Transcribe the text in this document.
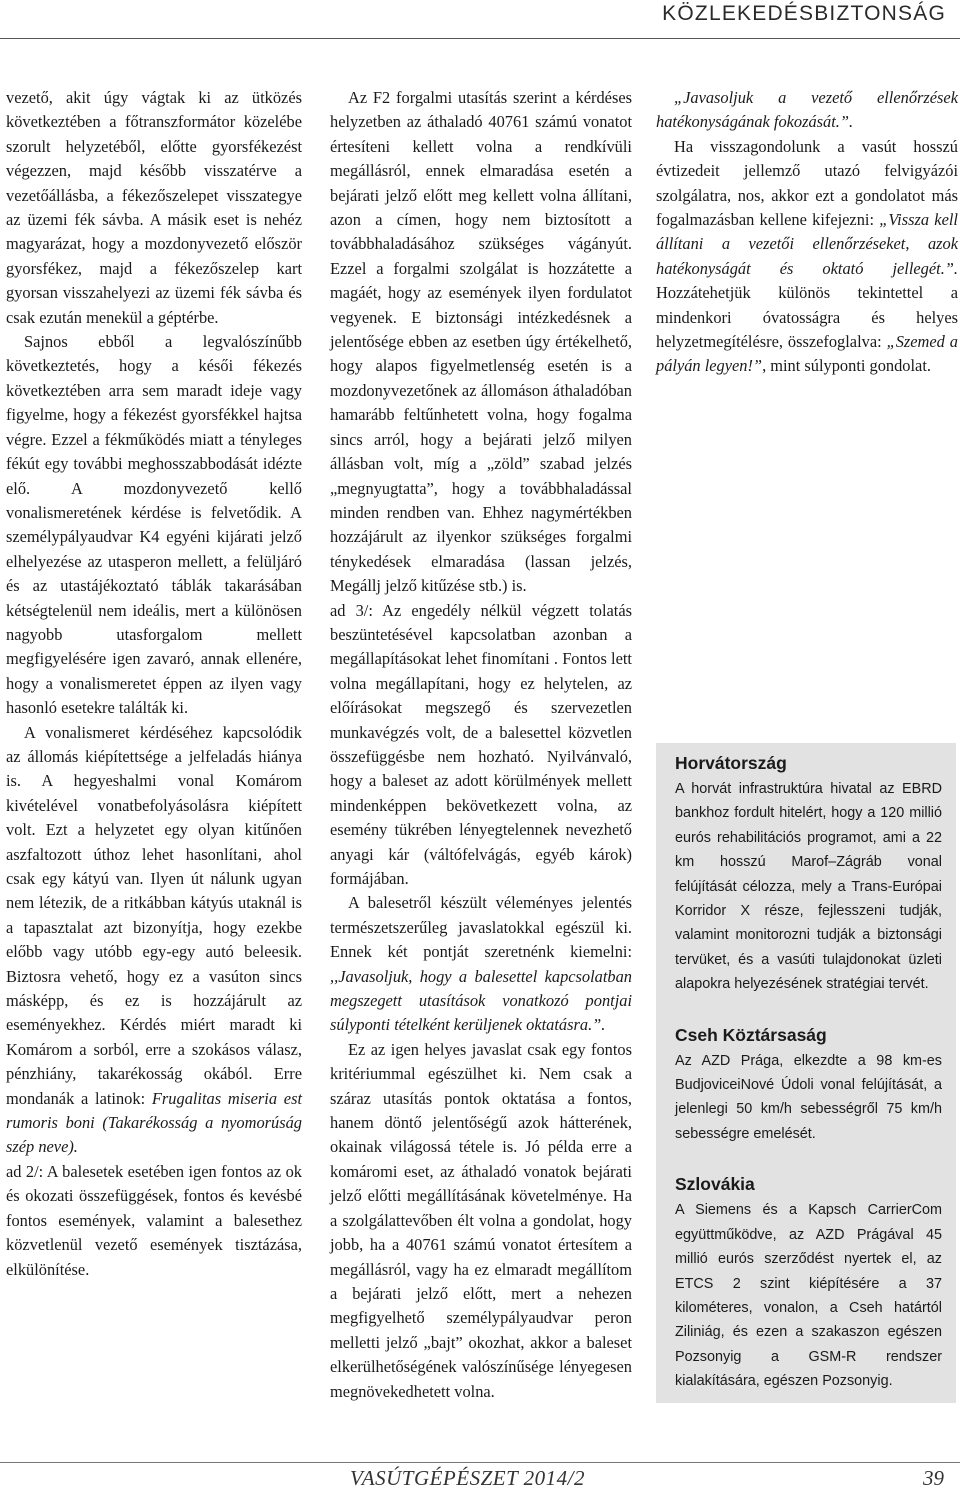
KÖZLEKEDÉSBIZTONSÁG

vezető, akit úgy vágtak ki az ütközés következtében a főtranszformátor közelébe szorult helyzetéből, előtte gyorsfékezést végezzen, majd később visszatérve a vezetőállásba, a fékezőszelepet visszategye az üzemi fék sávba. A másik eset is nehéz magyarázat, hogy a mozdonyvezető először gyorsfékez, majd a fékezőszelep kart gyorsan visszahelyezi az üzemi fék sávba és csak ezután menekül a géptérbe.

Sajnos ebből a legvalószínűbb következtetés, hogy a késői fékezés következtében arra sem maradt ideje vagy figyelme, hogy a fékezést gyorsfékkel hajtsa végre. Ezzel a fékműködés miatt a tényleges fékút egy további meghosszabbodását idézte elő. A mozdonyvezető kellő vonalismeretének kérdése is felvetődik. A személypályaudvar K4 egyéni kijárati jelző elhelyezése az utasperon mellett, a felüljáró és az utastájékoztató táblák takarásában kétségtelenül nem ideális, mert a különösen nagyobb utasforgalom mellett megfigyelésére igen zavaró, annak ellenére, hogy a vonalismeretet éppen az ilyen vagy hasonló esetekre találták ki.

A vonalismeret kérdéséhez kapcsolódik az állomás kiépítettsége a jelfeladás hiánya is. A hegyeshalmi vonal Komárom kivételével vonatbefolyásolásra kiépített volt. Ezt a helyzetet egy olyan kitűnően aszfaltozott úthoz lehet hasonlítani, ahol csak egy kátyú van. Ilyen út nálunk ugyan nem létezik, de a ritkábban kátyús utaknál is a tapasztalat azt bizonyítja, hogy ezekbe előbb vagy utóbb egy-egy autó beleesik. Biztosra vehető, hogy ez a vasúton sincs másképp, és ez is hozzájárult az eseményekhez. Kérdés miért maradt ki Komárom a sorból, erre a szokásos válasz, pénzhiány, takarékosság okából. Erre mondanák a latinok: Frugalitas miseria est rumoris boni (Takarékosság a nyomorúság szép neve).

ad 2/: A balesetek esetében igen fontos az ok és okozati összefüggések, fontos és kevésbé fontos események, valamint a balesethez közvetlenül vezető események tisztázása, elkülönítése.

Az F2 forgalmi utasítás szerint a kérdéses helyzetben az áthaladó 40761 számú vonatot értesíteni kellett volna a rendkívüli megállásról, ennek elmaradása esetén a bejárati jelző előtt meg kellett volna állítani, azon a címen, hogy nem biztosított a továbbhaladásához szükséges vágányút. Ezzel a forgalmi szolgálat is hozzátette a magáét, hogy az események ilyen fordulatot vegyenek. E biztonsági intézkedésnek a jelentősége ebben az esetben úgy értékelhető, hogy alapos figyelmetlenség esetén is a mozdonyvezetőnek az állomáson áthaladóban hamarább feltűnhetett volna, hogy fogalma sincs arról, hogy a bejárati jelző milyen állásban volt, míg a „zöld” szabad jelzés „megnyugtatta”, hogy a továbbhaladással minden rendben van. Ehhez nagymértékben hozzájárult az ilyenkor szükséges forgalmi ténykedések elmaradása (lassan jelzés, Megállj jelző kitűzése stb.) is.

ad 3/: Az engedély nélkül végzett tolatás beszüntetésével kapcsolatban azonban a megállapításokat lehet finomítani . Fontos lett volna megállapítani, hogy ez helytelen, az előírásokat megszegő és szervezetlen munkavégzés volt, de a balesettel közvetlen összefüggésbe nem hozható. Nyilvánvaló, hogy a baleset az adott körülmények mellett mindenképpen bekövetkezett volna, az esemény tükrében lényegtelennek nevezhető anyagi kár (váltófelvágás, egyéb károk) formájában.

A balesetről készült véleményes jelentés természetszerűleg javaslatokkal egészül ki. Ennek két pontját szeretnénk kiemelni: ,,Javasoljuk, hogy a balesettel kapcsolatban megszegett utasítások vonatkozó pontjai súlyponti tételként kerüljenek oktatásra.”.

Ez az igen helyes javaslat csak egy fontos kritériummal egészülhet ki. Nem csak a száraz utasítás pontok oktatása a fontos, hanem döntő jelentőségű azok hátterének, okainak világossá tétele is. Jó példa erre a komáromi eset, az áthaladó vonatok bejárati jelző előtti megállításának követelménye. Ha a szolgálattevőben élt volna a gondolat, hogy jobb, ha a 40761 számú vonatot értesítem a megállásról, vagy ha ez elmaradt megállítom a bejárati jelző előtt, mert a nehezen megfigyelhető személypályaudvar peron melletti jelző „bajt” okozhat, akkor a baleset elkerülhetőségének valószínűsége lényegesen megnövekedhetett volna.

„Javasoljuk a vezető ellenőrzések hatékonyságának fokozását.”.

Ha visszagondolunk a vasút hosszú évtizedeit jellemző utazó felvigyázói szolgálatra, nos, akkor ezt a gondolatot más fogalmazásban kellene kifejezni: „Vissza kell állítani a vezetői ellenőrzéseket, azok hatékonyságát és oktató jellegét.”. Hozzátehetjük különös tekintettel a mindenkori óvatosságra és helyes helyzetmegítélésre, összefoglalva: „Szemed a pályán legyen!”, mint súlyponti gondolat.

Horvátország

A horvát infrastruktúra hivatal az EBRD bankhoz fordult hitelért, hogy a 120 millió eurós rehabilitációs programot, ami a 22 km hosszú Marof–Zágráb vonal felújítását célozza, mely a Trans-Európai Korridor X része, fejlesszeni tudják, valamint monitorozni tudják a biztonsági tervüket, és a vasúti tulajdonokat üzleti alapokra helyezésének stratégiai tervét.

Cseh Köztársaság

Az AZD Prága, elkezdte a 98 km-es BudjoviceiNové Údoli vonal felújítását, a jelenlegi 50 km/h sebességről 75 km/h sebességre emelését.

Szlovákia

A Siemens és a Kapsch CarrierCom együttműködve, az AZD Prágával 45 millió eurós szerződést nyertek el, az ETCS 2 szint kiépítésére a 37 kilométeres, vonalon, a Cseh határtól Ziliniág, és ezen a szakaszon egészen Pozsonyig a GSM-R rendszer kialakítására, egészen Pozsonyig.

VASÚTGÉPÉSZET 2014/2	39
